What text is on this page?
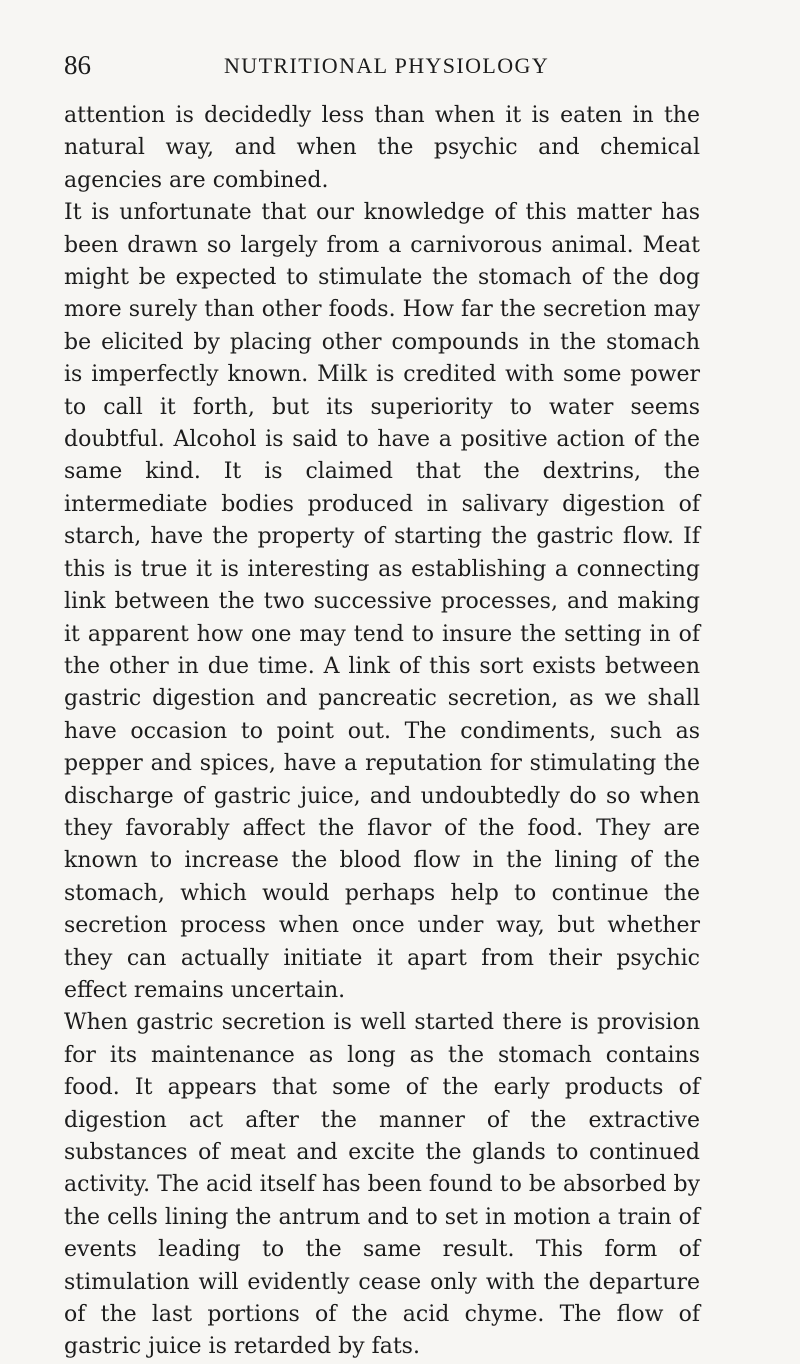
86	NUTRITIONAL PHYSIOLOGY

attention is decidedly less than when it is eaten in the natural way, and when the psychic and chemical agencies are combined.

It is unfortunate that our knowledge of this matter has been drawn so largely from a carnivorous animal. Meat might be expected to stimulate the stomach of the dog more surely than other foods. How far the secretion may be elicited by placing other compounds in the stomach is imperfectly known. Milk is credited with some power to call it forth, but its superiority to water seems doubtful. Alcohol is said to have a positive action of the same kind. It is claimed that the dextrins, the intermediate bodies produced in salivary digestion of starch, have the property of starting the gastric flow. If this is true it is interesting as establishing a connecting link between the two successive processes, and making it apparent how one may tend to insure the setting in of the other in due time. A link of this sort exists between gastric digestion and pancreatic secretion, as we shall have occasion to point out. The condiments, such as pepper and spices, have a reputation for stimulating the discharge of gastric juice, and undoubtedly do so when they favorably affect the flavor of the food. They are known to increase the blood flow in the lining of the stomach, which would perhaps help to continue the secretion process when once under way, but whether they can actually initiate it apart from their psychic effect remains uncertain.

When gastric secretion is well started there is provision for its maintenance as long as the stomach contains food. It appears that some of the early products of digestion act after the manner of the extractive substances of meat and excite the glands to continued activity. The acid itself has been found to be absorbed by the cells lining the antrum and to set in motion a train of events leading to the same result. This form of stimulation will evidently cease only with the departure of the last portions of the acid chyme. The flow of gastric juice is retarded by fats.
